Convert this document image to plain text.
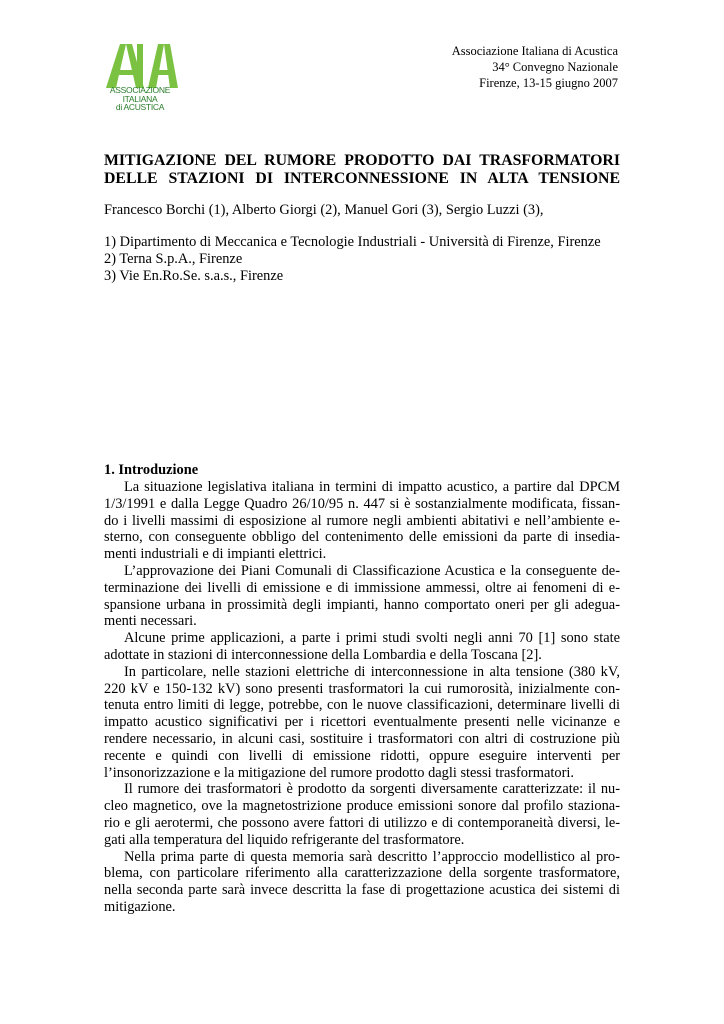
ASSOCIAZIONE
ITALIANA
di ACUSTICA
Associazione Italiana di Acustica
34° Convegno Nazionale
Firenze, 13-15 giugno 2007
MITIGAZIONE DEL RUMORE PRODOTTO DAI TRASFORMATORI
DELLE STAZIONI DI INTERCONNESSIONE IN ALTA TENSIONE
Francesco Borchi (1), Alberto Giorgi (2), Manuel Gori (3), Sergio Luzzi (3),
1) Dipartimento di Meccanica e Tecnologie Industriali - Università di Firenze, Firenze
2) Terna S.p.A., Firenze
3) Vie En.Ro.Se. s.a.s., Firenze
1. Introduzione
La situazione legislativa italiana in termini di impatto acustico, a partire dal DPCM
1/3/1991 e dalla Legge Quadro 26/10/95 n. 447 si è sostanzialmente modificata, fissan-
do i livelli massimi di esposizione al rumore negli ambienti abitativi e nell’ambiente e-
sterno, con conseguente obbligo del contenimento delle emissioni da parte di insedia-
menti industriali e di impianti elettrici.
L’approvazione dei Piani Comunali di Classificazione Acustica e la conseguente de-
terminazione dei livelli di emissione e di immissione ammessi, oltre ai fenomeni di e-
spansione urbana in prossimità degli impianti, hanno comportato oneri per gli adegua-
menti necessari.
Alcune prime applicazioni, a parte i primi studi svolti negli anni 70 [1] sono state
adottate in stazioni di interconnessione della Lombardia e della Toscana [2].
In particolare, nelle stazioni elettriche di interconnessione in alta tensione (380 kV,
220 kV e 150-132 kV) sono presenti trasformatori la cui rumorosità, inizialmente con-
tenuta entro limiti di legge, potrebbe, con le nuove classificazioni, determinare livelli di
impatto acustico significativi per i ricettori eventualmente presenti nelle vicinanze e
rendere necessario, in alcuni casi, sostituire i trasformatori con altri di costruzione più
recente e quindi con livelli di emissione ridotti, oppure eseguire interventi per
l’insonorizzazione e la mitigazione del rumore prodotto dagli stessi trasformatori.
Il rumore dei trasformatori è prodotto da sorgenti diversamente caratterizzate: il nu-
cleo magnetico, ove la magnetostrizione produce emissioni sonore dal profilo staziona-
rio e gli aerotermi, che possono avere fattori di utilizzo e di contemporaneità diversi, le-
gati alla temperatura del liquido refrigerante del trasformatore.
Nella prima parte di questa memoria sarà descritto l’approccio modellistico al pro-
blema, con particolare riferimento alla caratterizzazione della sorgente trasformatore,
nella seconda parte sarà invece descritta la fase di progettazione acustica dei sistemi di
mitigazione.
